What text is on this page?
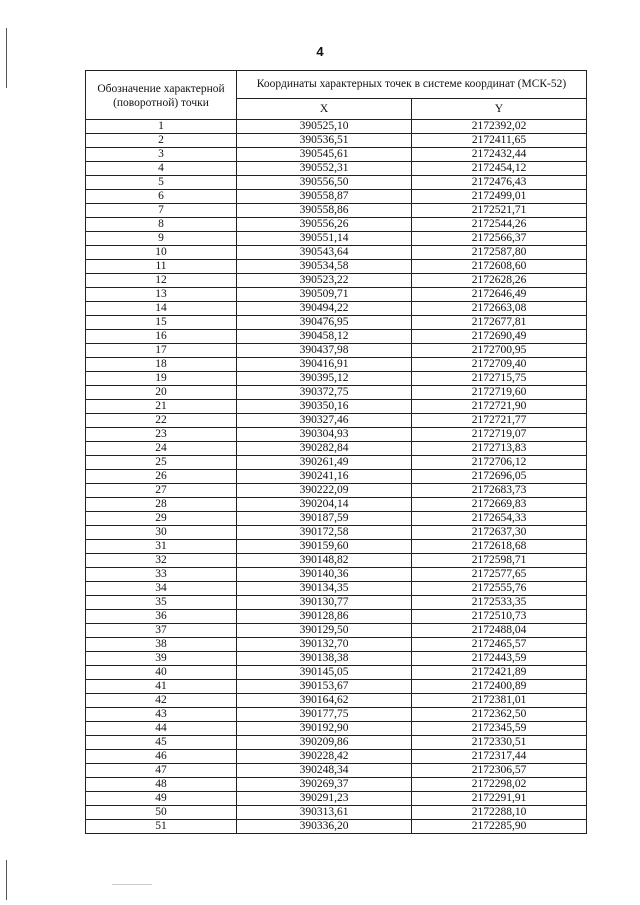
4
Обозначение характерной (поворотной) точки	Координаты характерных точек в системе координат (МСК-52)	
	X	Y
1	390525,10	2172392,02
2	390536,51	2172411,65
3	390545,61	2172432,44
4	390552,31	2172454,12
5	390556,50	2172476,43
6	390558,87	2172499,01
7	390558,86	2172521,71
8	390556,26	2172544,26
9	390551,14	2172566,37
10	390543,64	2172587,80
11	390534,58	2172608,60
12	390523,22	2172628,26
13	390509,71	2172646,49
14	390494,22	2172663,08
15	390476,95	2172677,81
16	390458,12	2172690,49
17	390437,98	2172700,95
18	390416,91	2172709,40
19	390395,12	2172715,75
20	390372,75	2172719,60
21	390350,16	2172721,90
22	390327,46	2172721,77
23	390304,93	2172719,07
24	390282,84	2172713,83
25	390261,49	2172706,12
26	390241,16	2172696,05
27	390222,09	2172683,73
28	390204,14	2172669,83
29	390187,59	2172654,33
30	390172,58	2172637,30
31	390159,60	2172618,68
32	390148,82	2172598,71
33	390140,36	2172577,65
34	390134,35	2172555,76
35	390130,77	2172533,35
36	390128,86	2172510,73
37	390129,50	2172488,04
38	390132,70	2172465,57
39	390138,38	2172443,59
40	390145,05	2172421,89
41	390153,67	2172400,89
42	390164,62	2172381,01
43	390177,75	2172362,50
44	390192,90	2172345,59
45	390209,86	2172330,51
46	390228,42	2172317,44
47	390248,34	2172306,57
48	390269,37	2172298,02
49	390291,23	2172291,91
50	390313,61	2172288,10
51	390336,20	2172285,90
